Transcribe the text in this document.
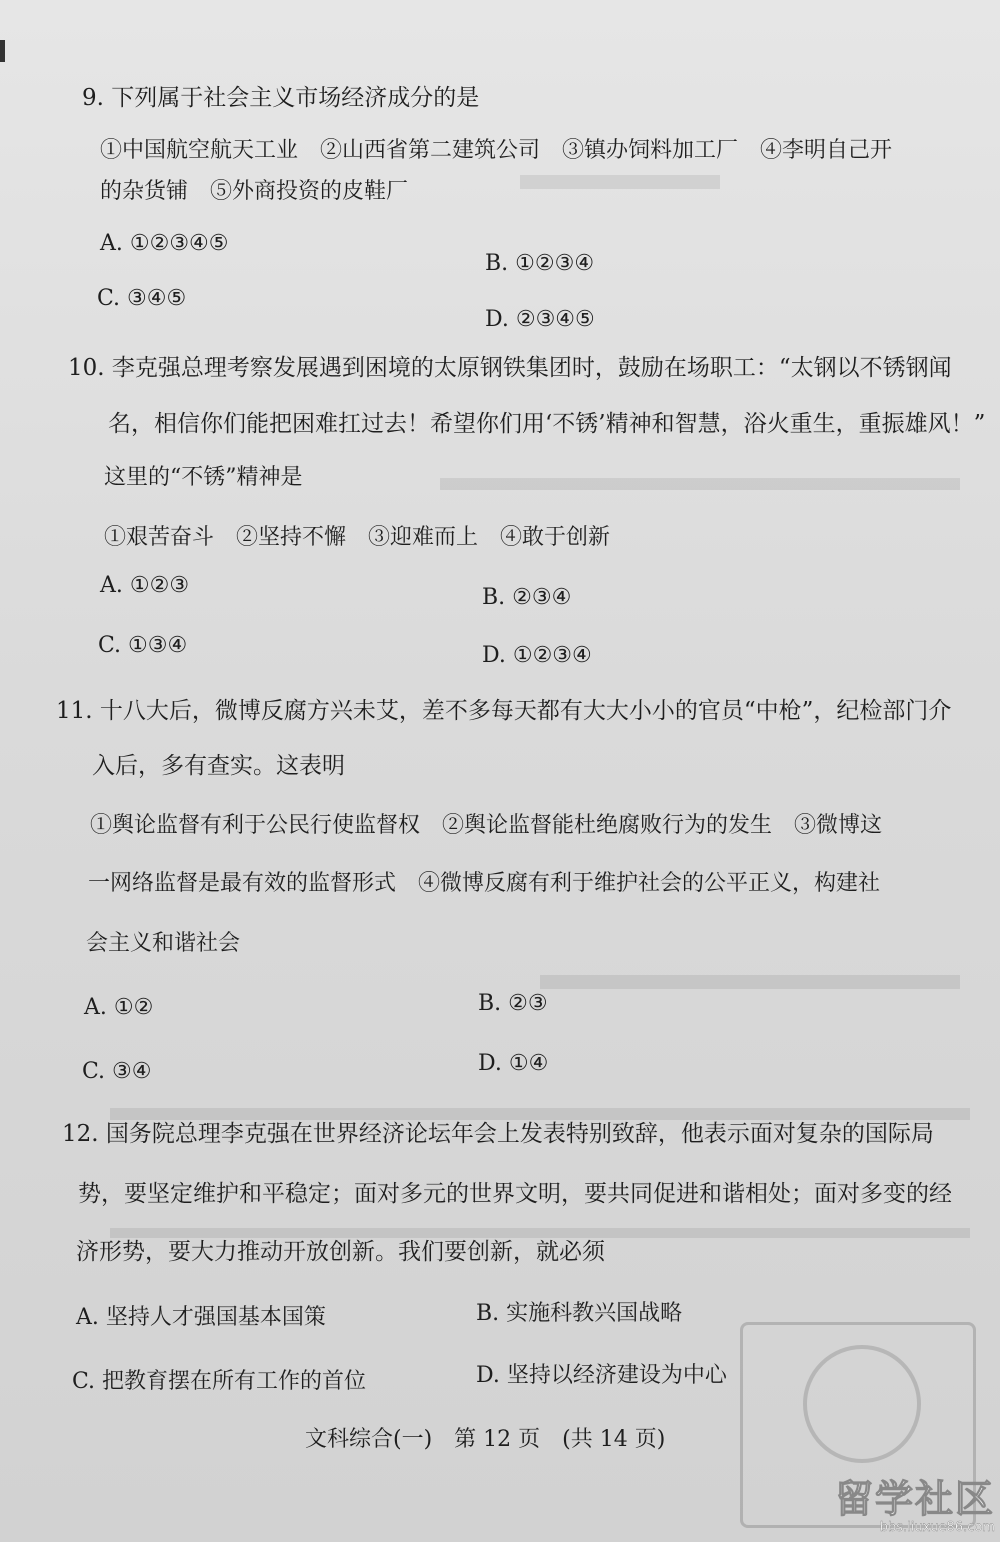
9. 下列属于社会主义市场经济成分的是
①中国航空航天工业　②山西省第二建筑公司　③镇办饲料加工厂　④李明自己开
的杂货铺　⑤外商投资的皮鞋厂
A. ①②③④⑤
B. ①②③④
C. ③④⑤
D. ②③④⑤
10. 李克强总理考察发展遇到困境的太原钢铁集团时，鼓励在场职工：“太钢以不锈钢闻
名，相信你们能把困难扛过去！希望你们用‘不锈’精神和智慧，浴火重生，重振雄风！”
这里的“不锈”精神是
①艰苦奋斗　②坚持不懈　③迎难而上　④敢于创新
A. ①②③	B. ②③④
C. ①③④	D. ①②③④
11. 十八大后，微博反腐方兴未艾，差不多每天都有大大小小的官员“中枪”，纪检部门介
入后，多有查实。这表明
①舆论监督有利于公民行使监督权　②舆论监督能杜绝腐败行为的发生　③微博这
一网络监督是最有效的监督形式　④微博反腐有利于维护社会的公平正义，构建社
会主义和谐社会
A. ①②	B. ②③
C. ③④	D. ①④
12. 国务院总理李克强在世界经济论坛年会上发表特别致辞，他表示面对复杂的国际局
势，要坚定维护和平稳定；面对多元的世界文明，要共同促进和谐相处；面对多变的经
济形势，要大力推动开放创新。我们要创新，就必须
A. 坚持人才强国基本国策	B. 实施科教兴国战略
C. 把教育摆在所有工作的首位	D. 坚持以经济建设为中心
文科综合(一)　第 12 页　(共 14 页)
留学社区
bbs.liuxue86.com
